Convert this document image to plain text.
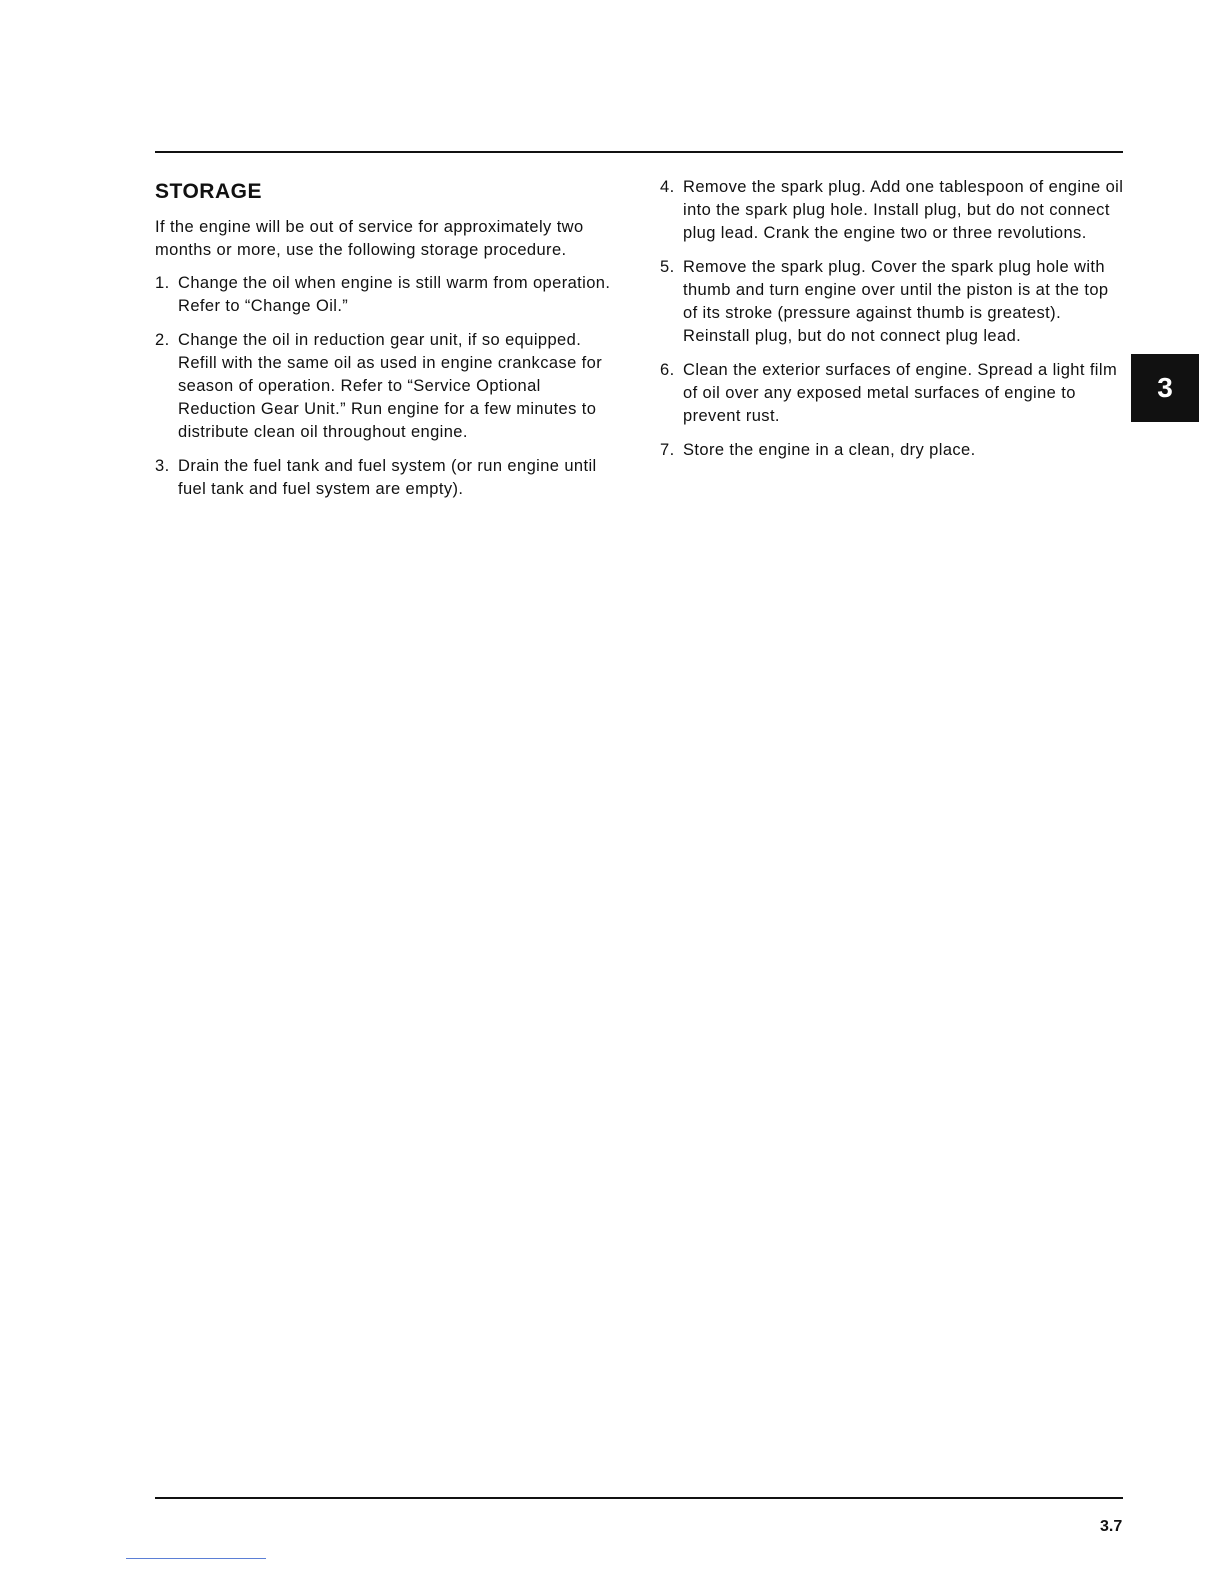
STORAGE

If the engine will be out of service for approximately two months or more, use the following storage procedure.

1. Change the oil when engine is still warm from operation. Refer to “Change Oil.”
2. Change the oil in reduction gear unit, if so equipped. Refill with the same oil as used in engine crankcase for season of operation. Refer to “Service Optional Reduction Gear Unit.” Run engine for a few minutes to distribute clean oil throughout engine.
3. Drain the fuel tank and fuel system (or run engine until fuel tank and fuel system are empty).
4. Remove the spark plug. Add one tablespoon of engine oil into the spark plug hole. Install plug, but do not connect plug lead. Crank the engine two or three revolutions.
5. Remove the spark plug. Cover the spark plug hole with thumb and turn engine over until the piston is at the top of its stroke (pressure against thumb is greatest). Reinstall plug, but do not connect plug lead.
6. Clean the exterior surfaces of engine. Spread a light film of oil over any exposed metal surfaces of engine to prevent rust.
7. Store the engine in a clean, dry place.
3
3.7
